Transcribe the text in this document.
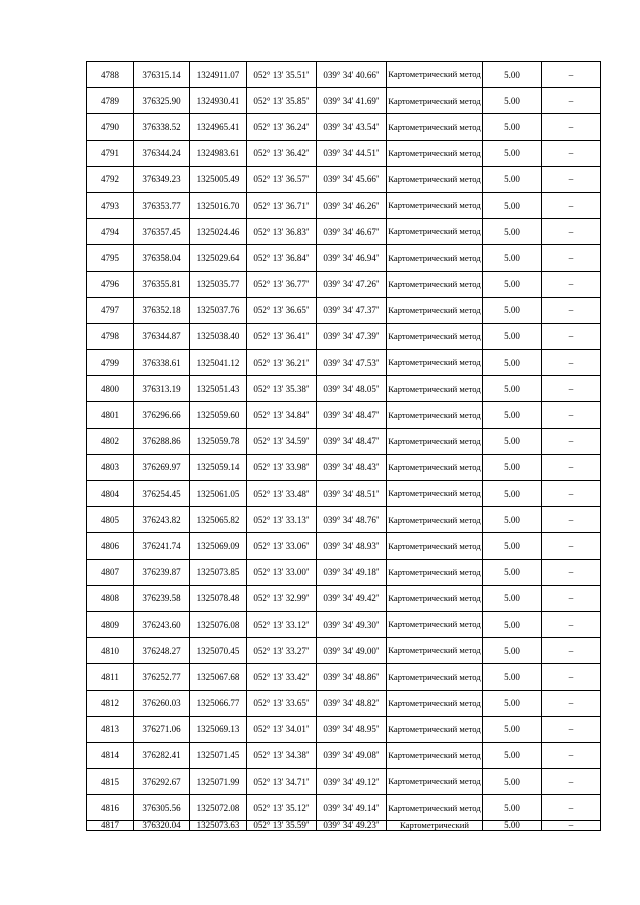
4788	376315.14	1324911.07	052° 13' 35.51"	039° 34' 40.66"	Картометрический метод	5.00	–
4789	376325.90	1324930.41	052° 13' 35.85"	039° 34' 41.69"	Картометрический метод	5.00	–
4790	376338.52	1324965.41	052° 13' 36.24"	039° 34' 43.54"	Картометрический метод	5.00	–
4791	376344.24	1324983.61	052° 13' 36.42"	039° 34' 44.51"	Картометрический метод	5.00	–
4792	376349.23	1325005.49	052° 13' 36.57"	039° 34' 45.66"	Картометрический метод	5.00	–
4793	376353.77	1325016.70	052° 13' 36.71"	039° 34' 46.26"	Картометрический метод	5.00	–
4794	376357.45	1325024.46	052° 13' 36.83"	039° 34' 46.67"	Картометрический метод	5.00	–
4795	376358.04	1325029.64	052° 13' 36.84"	039° 34' 46.94"	Картометрический метод	5.00	–
4796	376355.81	1325035.77	052° 13' 36.77"	039° 34' 47.26"	Картометрический метод	5.00	–
4797	376352.18	1325037.76	052° 13' 36.65"	039° 34' 47.37"	Картометрический метод	5.00	–
4798	376344.87	1325038.40	052° 13' 36.41"	039° 34' 47.39"	Картометрический метод	5.00	–
4799	376338.61	1325041.12	052° 13' 36.21"	039° 34' 47.53"	Картометрический метод	5.00	–
4800	376313.19	1325051.43	052° 13' 35.38"	039° 34' 48.05"	Картометрический метод	5.00	–
4801	376296.66	1325059.60	052° 13' 34.84"	039° 34' 48.47"	Картометрический метод	5.00	–
4802	376288.86	1325059.78	052° 13' 34.59"	039° 34' 48.47"	Картометрический метод	5.00	–
4803	376269.97	1325059.14	052° 13' 33.98"	039° 34' 48.43"	Картометрический метод	5.00	–
4804	376254.45	1325061.05	052° 13' 33.48"	039° 34' 48.51"	Картометрический метод	5.00	–
4805	376243.82	1325065.82	052° 13' 33.13"	039° 34' 48.76"	Картометрический метод	5.00	–
4806	376241.74	1325069.09	052° 13' 33.06"	039° 34' 48.93"	Картометрический метод	5.00	–
4807	376239.87	1325073.85	052° 13' 33.00"	039° 34' 49.18"	Картометрический метод	5.00	–
4808	376239.58	1325078.48	052° 13' 32.99"	039° 34' 49.42"	Картометрический метод	5.00	–
4809	376243.60	1325076.08	052° 13' 33.12"	039° 34' 49.30"	Картометрический метод	5.00	–
4810	376248.27	1325070.45	052° 13' 33.27"	039° 34' 49.00"	Картометрический метод	5.00	–
4811	376252.77	1325067.68	052° 13' 33.42"	039° 34' 48.86"	Картометрический метод	5.00	–
4812	376260.03	1325066.77	052° 13' 33.65"	039° 34' 48.82"	Картометрический метод	5.00	–
4813	376271.06	1325069.13	052° 13' 34.01"	039° 34' 48.95"	Картометрический метод	5.00	–
4814	376282.41	1325071.45	052° 13' 34.38"	039° 34' 49.08"	Картометрический метод	5.00	–
4815	376292.67	1325071.99	052° 13' 34.71"	039° 34' 49.12"	Картометрический метод	5.00	–
4816	376305.56	1325072.08	052° 13' 35.12"	039° 34' 49.14"	Картометрический метод	5.00	–
4817	376320.04	1325073.63	052° 13' 35.59"	039° 34' 49.23"	Картометрический	5.00	–
